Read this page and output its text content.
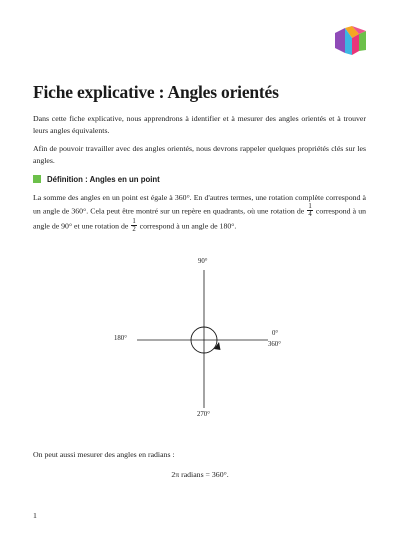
Fiche explicative : Angles orientés

Dans cette fiche explicative, nous apprendrons à identifier et à mesurer des angles orientés et à trouver leurs angles équivalents.

Afin de pouvoir travailler avec des angles orientés, nous devrons rappeler quelques propriétés clés sur les angles.

Définition : Angles en un point

La somme des angles en un point est égale à 360°. En d'autres termes, une rotation complète correspond à un angle de 360°. Cela peut être montré sur un repère en quadrants, où une rotation de $\frac{1}{4}$ correspond à un angle de 90° et une rotation de $\frac{1}{2}$ correspond à un angle de 180°.

90°
180°
0°
360°
270°

On peut aussi mesurer des angles en radians :

2π radians = 360°.

1
